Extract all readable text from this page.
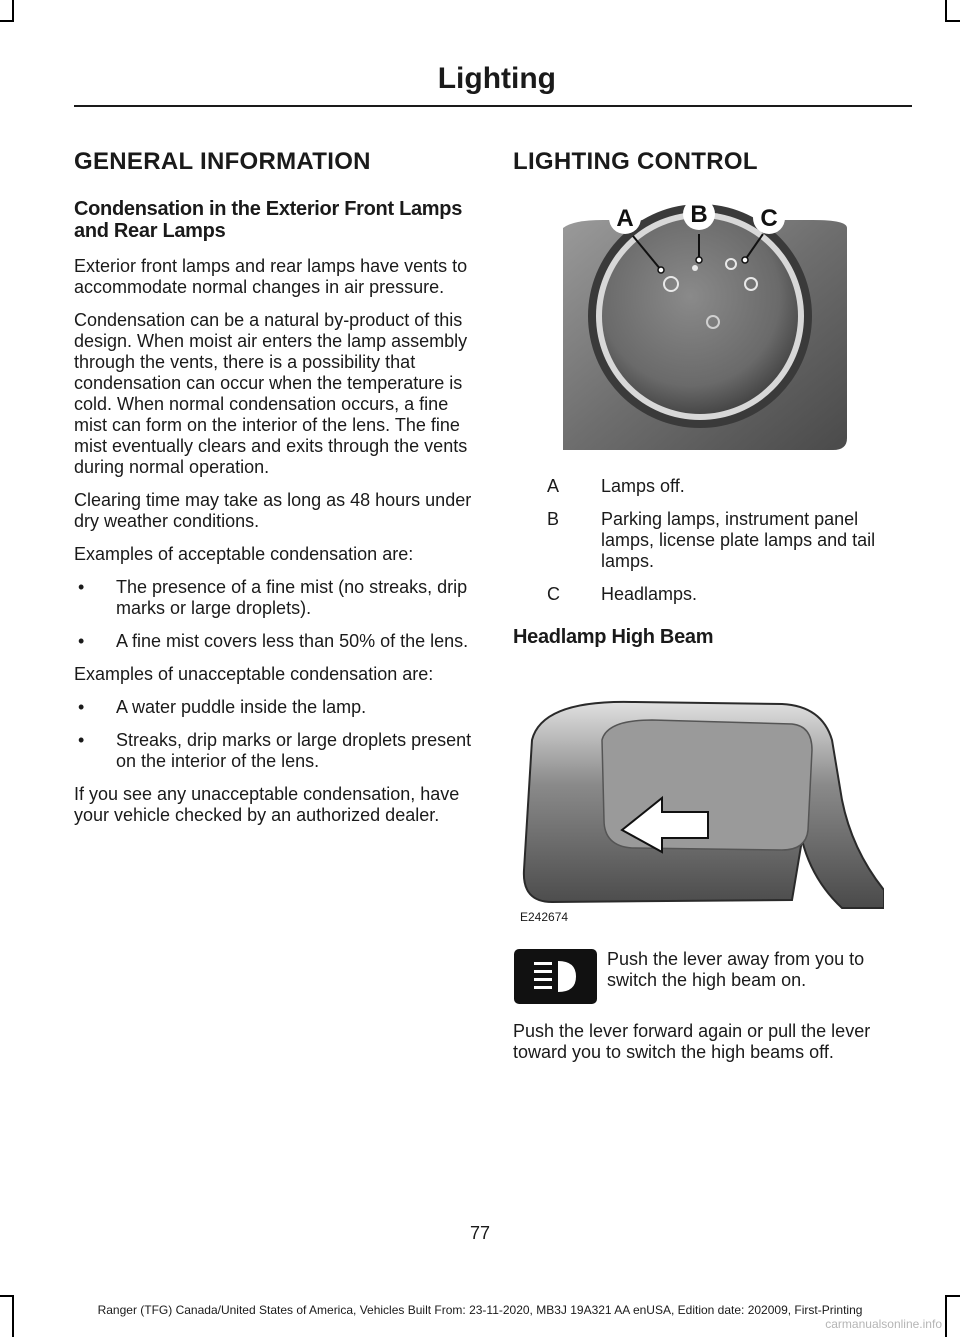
Lighting
GENERAL INFORMATION
Condensation in the Exterior Front Lamps and Rear Lamps

Exterior front lamps and rear lamps have vents to accommodate normal changes in air pressure.

Condensation can be a natural by-product of this design. When moist air enters the lamp assembly through the vents, there is a possibility that condensation can occur when the temperature is cold. When normal condensation occurs, a fine mist can form on the interior of the lens. The fine mist eventually clears and exits through the vents during normal operation.

Clearing time may take as long as 48 hours under dry weather conditions.

Examples of acceptable condensation are:

• The presence of a fine mist (no streaks, drip marks or large droplets).
• A fine mist covers less than 50% of the lens.

Examples of unacceptable condensation are:

• A water puddle inside the lamp.
• Streaks, drip marks or large droplets present on the interior of the lens.

If you see any unacceptable condensation, have your vehicle checked by an authorized dealer.

LIGHTING CONTROL
A B C
A Lamps off.
B Parking lamps, instrument panel lamps, license plate lamps and tail lamps.
C Headlamps.
Headlamp High Beam
E242674

Push the lever away from you to switch the high beam on.

Push the lever forward again or pull the lever toward you to switch the high beams off.

77
Ranger (TFG) Canada/United States of America, Vehicles Built From: 23-11-2020, MB3J 19A321 AA enUSA, Edition date: 202009, First-Printing
carmanualsonline.info
